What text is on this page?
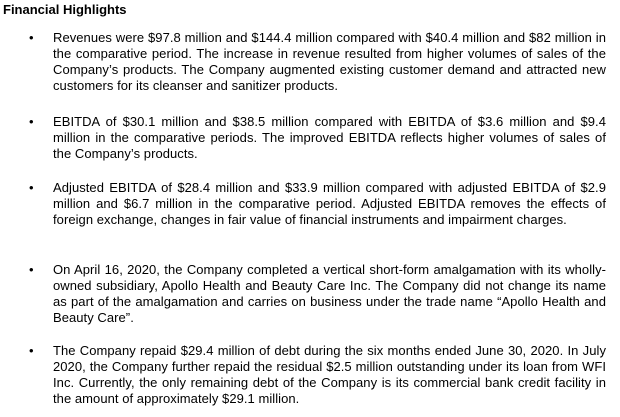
Financial Highlights
• Revenues were $97.8 million and $144.4 million compared with $40.4 million and $82 million in the comparative period. The increase in revenue resulted from higher volumes of sales of the Company’s products. The Company augmented existing customer demand and attracted new customers for its cleanser and sanitizer products.

• EBITDA of $30.1 million and $38.5 million compared with EBITDA of $3.6 million and $9.4 million in the comparative periods. The improved EBITDA reflects higher volumes of sales of the Company’s products.

• Adjusted EBITDA of $28.4 million and $33.9 million compared with adjusted EBITDA of $2.9 million and $6.7 million in the comparative period. Adjusted EBITDA removes the effects of foreign exchange, changes in fair value of financial instruments and impairment charges.

• On April 16, 2020, the Company completed a vertical short-form amalgamation with its wholly-owned subsidiary, Apollo Health and Beauty Care Inc. The Company did not change its name as part of the amalgamation and carries on business under the trade name “Apollo Health and Beauty Care”.

• The Company repaid $29.4 million of debt during the six months ended June 30, 2020. In July 2020, the Company further repaid the residual $2.5 million outstanding under its loan from WFI Inc. Currently, the only remaining debt of the Company is its commercial bank credit facility in the amount of approximately $29.1 million.
